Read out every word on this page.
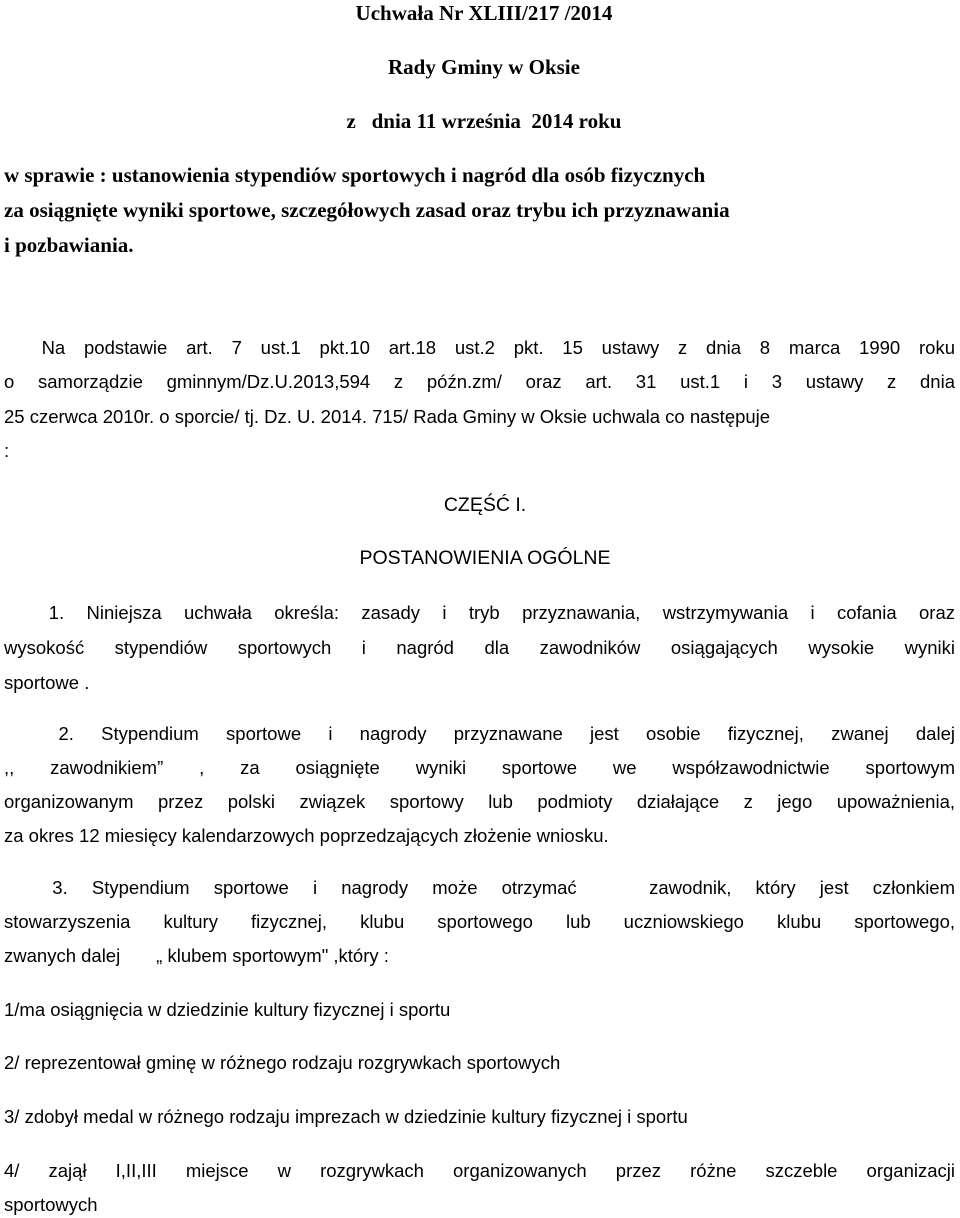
Uchwała Nr XLIII/217 /2014
Rady Gminy w Oksie
z   dnia 11 września  2014 roku
w sprawie : ustanowienia stypendiów sportowych i nagród dla osób fizycznych
za osiągnięte wyniki sportowe, szczegółowych zasad oraz trybu ich przyznawania
i pozbawiania.
Na podstawie art. 7 ust.1 pkt.10 art.18 ust.2 pkt. 15 ustawy z dnia 8 marca 1990 roku
o samorządzie gminnym/Dz.U.2013,594 z późn.zm/ oraz art. 31 ust.1 i 3 ustawy z dnia
25 czerwca 2010r. o sporcie/ tj. Dz. U. 2014. 715/ Rada Gminy w Oksie uchwala co następuje
:
CZĘŚĆ I.
POSTANOWIENIA OGÓLNE
1. Niniejsza uchwała określa: zasady i tryb przyznawania, wstrzymywania i cofania oraz
wysokość stypendiów sportowych i nagród dla zawodników osiągających wysokie wyniki
sportowe .
2. Stypendium sportowe i nagrody przyznawane jest osobie fizycznej, zwanej dalej
,, zawodnikiem” , za osiągnięte wyniki sportowe we współzawodnictwie sportowym
organizowanym przez polski związek sportowy lub podmioty działające z jego upoważnienia,
za okres 12 miesięcy kalendarzowych poprzedzających złożenie wniosku.
3. Stypendium sportowe i nagrody może otrzymać   zawodnik, który jest członkiem
stowarzyszenia kultury fizycznej, klubu sportowego lub uczniowskiego klubu sportowego,
zwanych dalej       „ klubem sportowym" ,który :
1/ma osiągnięcia w dziedzinie kultury fizycznej i sportu
2/ reprezentował gminę w różnego rodzaju rozgrywkach sportowych
3/ zdobył medal w różnego rodzaju imprezach w dziedzinie kultury fizycznej i sportu
4/ zajął I,II,III miejsce w rozgrywkach organizowanych przez różne szczeble organizacji
sportowych
